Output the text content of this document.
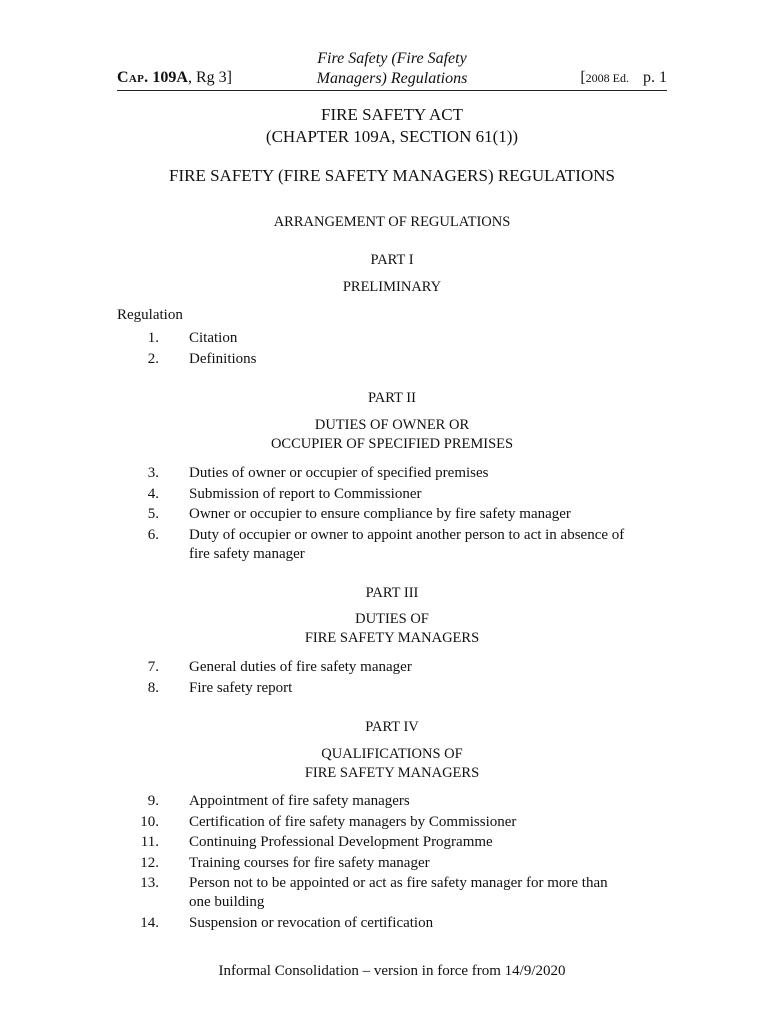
Cap. 109A, Rg 3]
Fire Safety (Fire Safety
Managers) Regulations	[2008 Ed. p. 1
FIRE SAFETY ACT
(CHAPTER 109A, SECTION 61(1))
FIRE SAFETY (FIRE SAFETY MANAGERS) REGULATIONS
ARRANGEMENT OF REGULATIONS
PART I
PRELIMINARY
Regulation
1. Citation
2. Definitions
PART II
DUTIES OF OWNER OR
OCCUPIER OF SPECIFIED PREMISES
3. Duties of owner or occupier of specified premises
4. Submission of report to Commissioner
5. Owner or occupier to ensure compliance by fire safety manager
6. Duty of occupier or owner to appoint another person to act in absence of fire safety manager
PART III
DUTIES OF
FIRE SAFETY MANAGERS
7. General duties of fire safety manager
8. Fire safety report
PART IV
QUALIFICATIONS OF
FIRE SAFETY MANAGERS
9. Appointment of fire safety managers
10. Certification of fire safety managers by Commissioner
11. Continuing Professional Development Programme
12. Training courses for fire safety manager
13. Person not to be appointed or act as fire safety manager for more than one building
14. Suspension or revocation of certification
Informal Consolidation – version in force from 14/9/2020
